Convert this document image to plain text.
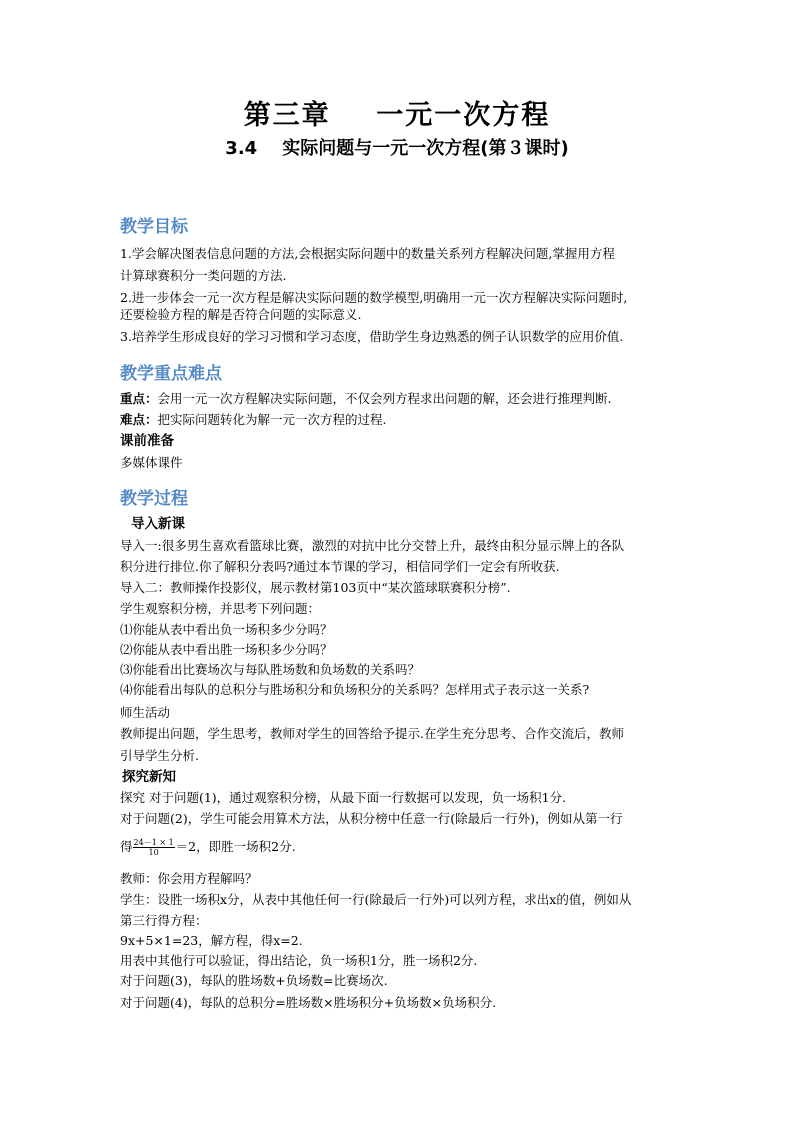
第三章    一元一次方程
3.4    实际问题与一元一次方程(第３课时)
教学目标
1.学会解决图表信息问题的方法,会根据实际问题中的数量关系列方程解决问题,掌握用方程
计算球赛积分一类问题的方法.
2.进一步体会一元一次方程是解决实际问题的数学模型,明确用一元一次方程解决实际问题时,
还要检验方程的解是否符合问题的实际意义.
3.培养学生形成良好的学习习惯和学习态度，借助学生身边熟悉的例子认识数学的应用价值.
教学重点难点
重点：会用一元一次方程解决实际问题，不仅会列方程求出问题的解，还会进行推理判断.
难点：把实际问题转化为解一元一次方程的过程.
课前准备
多媒体课件
教学过程
导入新课
导入一:很多男生喜欢看篮球比赛，激烈的对抗中比分交替上升，最终由积分显示牌上的各队
积分进行排位.你了解积分表吗?通过本节课的学习，相信同学们一定会有所收获.
导入二：教师操作投影仪，展示教材第103页中“某次篮球联赛积分榜”.
学生观察积分榜，并思考下列问题：
⑴你能从表中看出负一场积多少分吗？
⑵你能从表中看出胜一场积多少分吗？
⑶你能看出比赛场次与每队胜场数和负场数的关系吗？
⑷你能看出每队的总积分与胜场积分和负场积分的关系吗？怎样用式子表示这一关系?
师生活动
教师提出问题，学生思考，教师对学生的回答给予提示.在学生充分思考、合作交流后，教师
引导学生分析.
探究新知
探究 对于问题(1)，通过观察积分榜，从最下面一行数据可以发现，负一场积1分.
对于问题(2)，学生可能会用算术方法，从积分榜中任意一行(除最后一行外)，例如从第一行
得 $\frac{24-1 \times 1}{10} =2$，即胜一场积2分.
教师：你会用方程解吗？
学生：设胜一场积x分，从表中其他任何一行(除最后一行外)可以列方程，求出x的值，例如从
第三行得方程：
9x+5×1=23，解方程，得x=2.
用表中其他行可以验证，得出结论，负一场积1分，胜一场积2分.
对于问题(3)，每队的胜场数+负场数=比赛场次.
对于问题(4)，每队的总积分=胜场数×胜场积分+负场数×负场积分.
